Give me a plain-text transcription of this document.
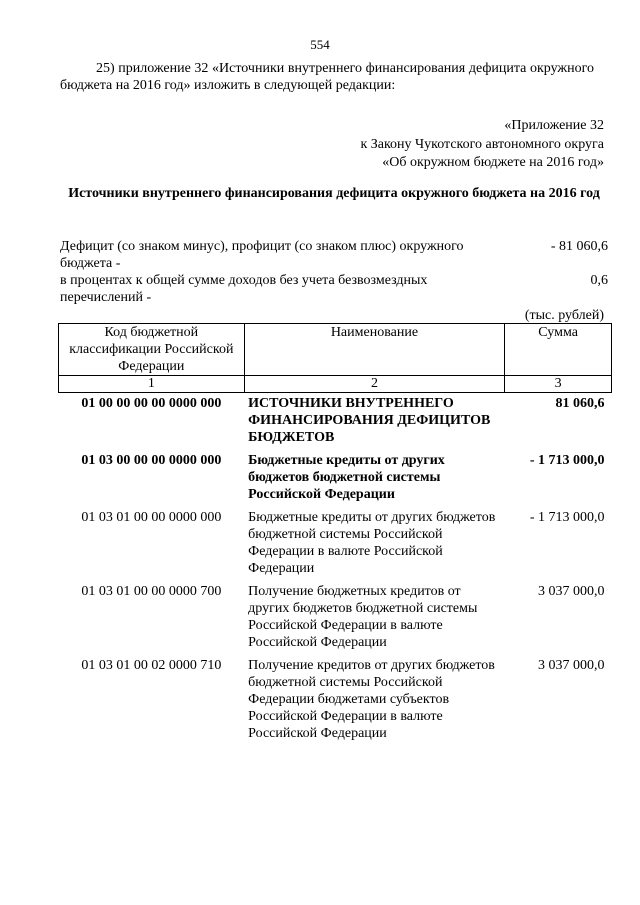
554
25) приложение 32 «Источники внутреннего финансирования дефицита окружного бюджета на 2016 год» изложить в следующей редакции:
«Приложение 32
к Закону Чукотского автономного округа
«Об окружном бюджете на 2016 год»
Источники внутреннего финансирования дефицита окружного бюджета на 2016 год
Дефицит (со знаком минус), профицит (со знаком плюс) окружного бюджета -
- 81 060,6
в процентах к общей сумме доходов без учета безвозмездных перечислений -
0,6
(тыс. рублей)
Код бюджетной классификации Российской Федерации	Наименование	Сумма
1	2	3
01 00 00 00 00 0000 000	ИСТОЧНИКИ ВНУТРЕННЕГО ФИНАНСИРОВАНИЯ ДЕФИЦИТОВ БЮДЖЕТОВ	81 060,6
01 03 00 00 00 0000 000	Бюджетные кредиты от других бюджетов бюджетной системы Российской Федерации	- 1 713 000,0
01 03 01 00 00 0000 000	Бюджетные кредиты от других бюджетов бюджетной системы Российской Федерации в валюте Российской Федерации	- 1 713 000,0
01 03 01 00 00 0000 700	Получение бюджетных кредитов от других бюджетов бюджетной системы Российской Федерации в валюте Российской Федерации	3 037 000,0
01 03 01 00 02 0000 710	Получение кредитов от других бюджетов бюджетной системы Российской Федерации бюджетами субъектов Российской Федерации в валюте Российской Федерации	3 037 000,0
